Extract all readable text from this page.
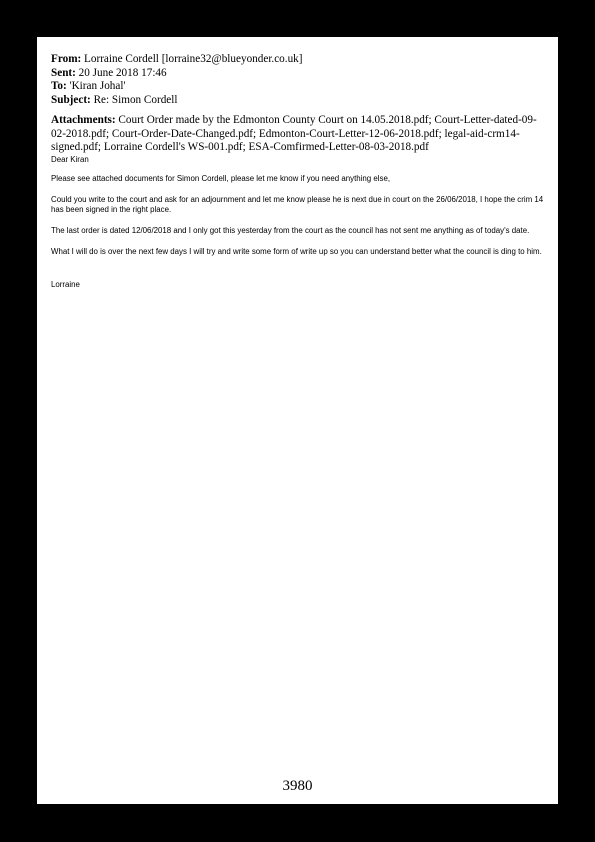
From: Lorraine Cordell [lorraine32@blueyonder.co.uk]
Sent: 20 June 2018 17:46
To: 'Kiran Johal'
Subject: Re: Simon Cordell
Attachments: Court Order made by the Edmonton County Court on 14.05.2018.pdf; Court-Letter-dated-09-02-2018.pdf; Court-Order-Date-Changed.pdf; Edmonton-Court-Letter-12-06-2018.pdf; legal-aid-crm14-signed.pdf; Lorraine Cordell's WS-001.pdf; ESA-Comfirmed-Letter-08-03-2018.pdf

Dear Kiran

Please see attached documents for Simon Cordell, please let me know if you need anything else,

Could you write to the court and ask for an adjournment and let me know please he is next due in court on the 26/06/2018, I hope the crim 14 has been signed in the right place.

The last order is dated 12/06/2018 and I only got this yesterday from the court as the council has not sent me anything as of today's date.

What I will do is over the next few days I will try and write some form of write up so you can understand better what the council is ding to him.

Lorraine

3980
